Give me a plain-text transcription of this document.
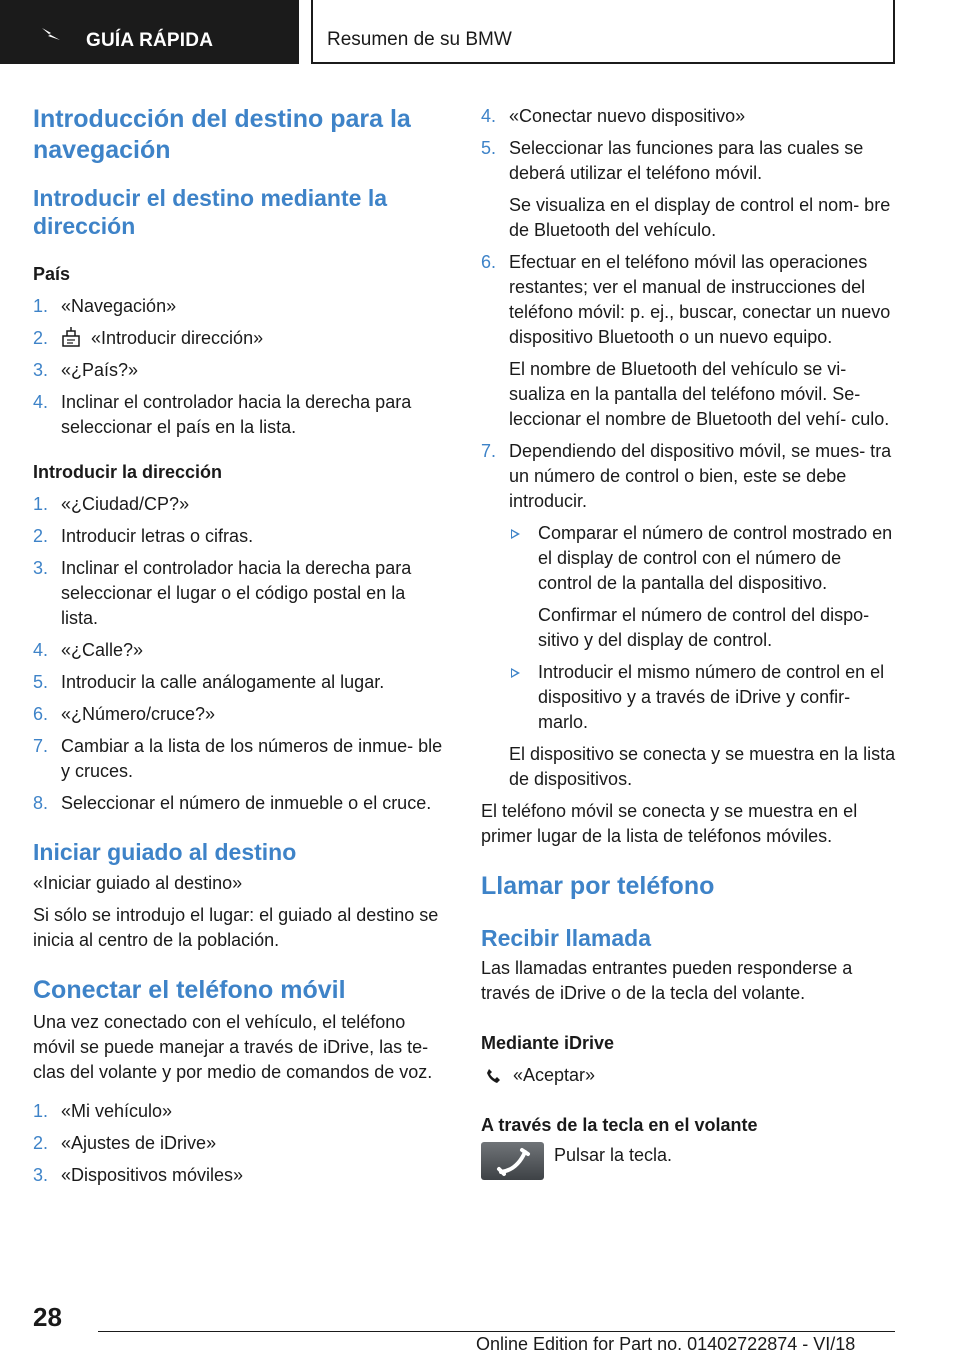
GUÍA RÁPIDA	Resumen de su BMW
Introducción del destino para la navegación
Introducir el destino mediante la dirección
País
1. «Navegación»
2. «Introducir dirección»
3. «¿País?»
4. Inclinar el controlador hacia la derecha para seleccionar el país en la lista.
Introducir la dirección
1. «¿Ciudad/CP?»
2. Introducir letras o cifras.
3. Inclinar el controlador hacia la derecha para seleccionar el lugar o el código postal en la lista.
4. «¿Calle?»
5. Introducir la calle análogamente al lugar.
6. «¿Número/cruce?»
7. Cambiar a la lista de los números de inmue‐ ble y cruces.
8. Seleccionar el número de inmueble o el cruce.
Iniciar guiado al destino
«Iniciar guiado al destino»
Si sólo se introdujo el lugar: el guiado al destino se inicia al centro de la población.
Conectar el teléfono móvil
Una vez conectado con el vehículo, el teléfono móvil se puede manejar a través de iDrive, las te‐ clas del volante y por medio de comandos de voz.
1. «Mi vehículo»
2. «Ajustes de iDrive»
3. «Dispositivos móviles»
4. «Conectar nuevo dispositivo»
5. Seleccionar las funciones para las cuales se deberá utilizar el teléfono móvil.
Se visualiza en el display de control el nom‐ bre de Bluetooth del vehículo.
6. Efectuar en el teléfono móvil las operaciones restantes; ver el manual de instrucciones del teléfono móvil: p. ej., buscar, conectar un nuevo dispositivo Bluetooth o un nuevo equipo.
El nombre de Bluetooth del vehículo se vi‐ sualiza en la pantalla del teléfono móvil. Se‐ leccionar el nombre de Bluetooth del vehí‐ culo.
7. Dependiendo del dispositivo móvil, se mues‐ tra un número de control o bien, este se debe introducir.
Comparar el número de control mostrado en el display de control con el número de control de la pantalla del dispositivo.
Confirmar el número de control del dispo‐ sitivo y del display de control.
Introducir el mismo número de control en el dispositivo y a través de iDrive y confir‐ marlo.
El dispositivo se conecta y se muestra en la lista de dispositivos.
El teléfono móvil se conecta y se muestra en el primer lugar de la lista de teléfonos móviles.
Llamar por teléfono
Recibir llamada
Las llamadas entrantes pueden responderse a través de iDrive o de la tecla del volante.
Mediante iDrive
«Aceptar»
A través de la tecla en el volante
Pulsar la tecla.
28
Online Edition for Part no. 01402722874 - VI/18
